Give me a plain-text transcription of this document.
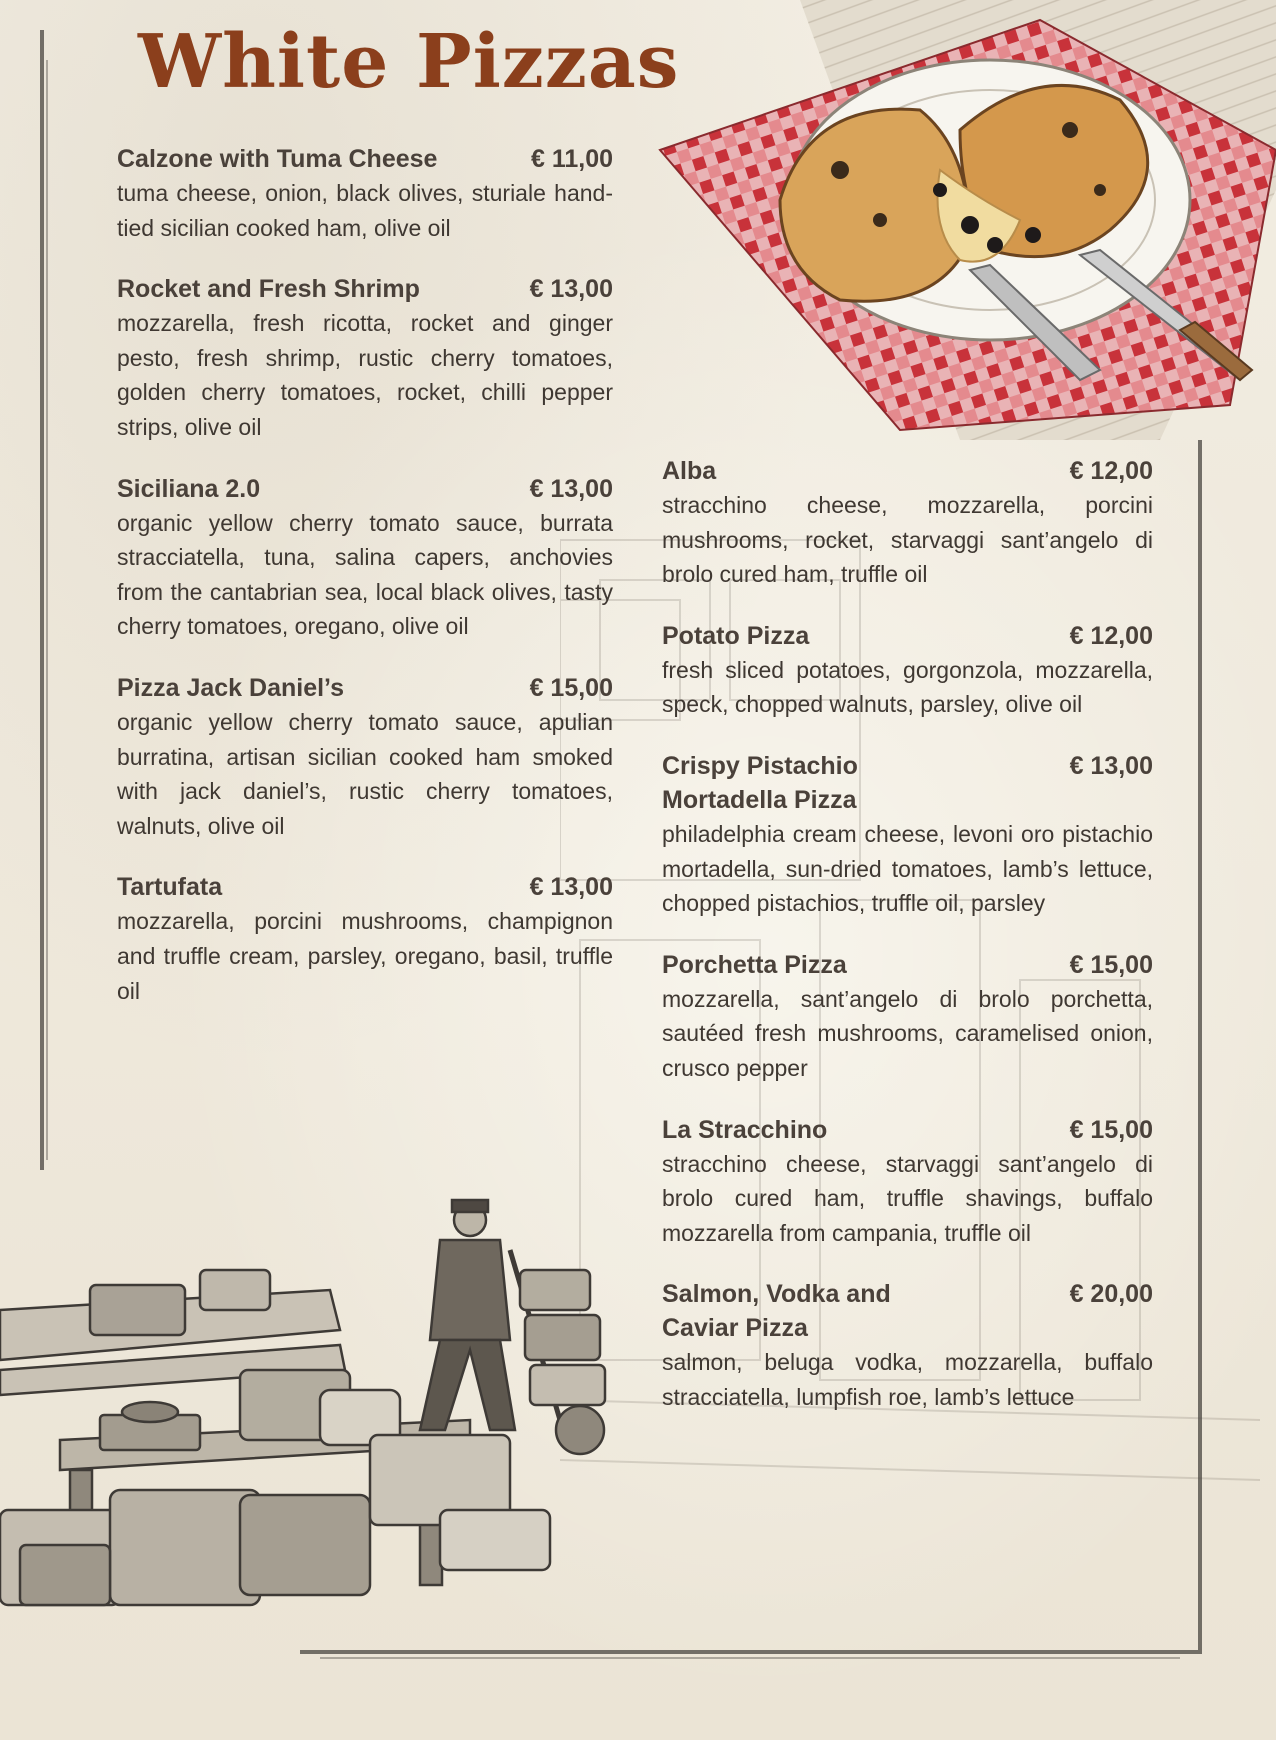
White Pizzas
Calzone with Tuma Cheese	€ 11,00

tuma cheese, onion, black olives, sturiale hand-tied sicilian cooked ham, olive oil

Rocket and Fresh Shrimp	€ 13,00

mozzarella, fresh ricotta, rocket and ginger pesto, fresh shrimp, rustic cherry tomatoes, golden cherry tomatoes, rocket, chilli pepper strips, olive oil

Siciliana 2.0	€ 13,00

organic yellow cherry tomato sauce, burrata stracciatella, tuna, salina capers, anchovies from the cantabrian sea, local black olives, tasty cherry tomatoes, oregano, olive oil

Pizza Jack Daniel’s	€ 15,00

organic yellow cherry tomato sauce, apulian burratina, artisan sicilian cooked ham smoked with jack daniel’s, rustic cherry tomatoes, walnuts, olive oil

Tartufata	€ 13,00

mozzarella, porcini mushrooms, champignon and truffle cream, parsley, oregano, basil, truffle oil

Alba	€ 12,00

stracchino cheese, mozzarella, porcini mushrooms, rocket, starvaggi sant’angelo di brolo cured ham, truffle oil

Potato Pizza	€ 12,00

fresh sliced potatoes, gorgonzola, mozzarella, speck, chopped walnuts, parsley, olive oil

Crispy Pistachio Mortadella Pizza
€ 13,00

philadelphia cream cheese, levoni oro pistachio mortadella, sun-dried tomatoes, lamb’s lettuce, chopped pistachios, truffle oil, parsley

Porchetta Pizza	€ 15,00

mozzarella, sant’angelo di brolo porchetta, sautéed fresh mushrooms, caramelised onion, crusco pepper

La Stracchino	€ 15,00

stracchino cheese, starvaggi sant’angelo di brolo cured ham, truffle shavings, buffalo mozzarella from campania, truffle oil

Salmon, Vodka and Caviar Pizza
€ 20,00

salmon, beluga vodka, mozzarella, buffalo stracciatella, lumpfish roe, lamb’s lettuce
